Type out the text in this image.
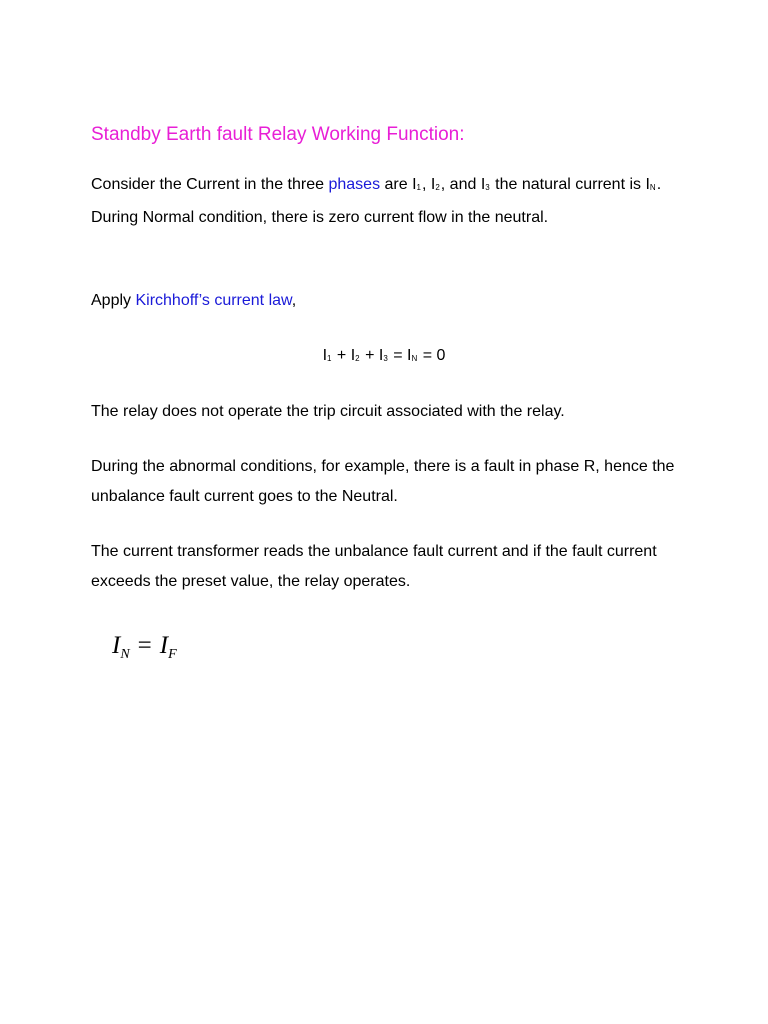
Standby Earth fault Relay Working Function:
Consider the Current in the three phases are I1, I2, and I3 the natural current is IN. During Normal condition, there is zero current flow in the neutral.
Apply Kirchhoff’s current law,
I1 + I2 + I3 = IN = 0
The relay does not operate the trip circuit associated with the relay.
During the abnormal conditions, for example, there is a fault in phase R, hence the unbalance fault current goes to the Neutral.
The current transformer reads the unbalance fault current and if the fault current exceeds the preset value, the relay operates.
$I_N = I_F$
